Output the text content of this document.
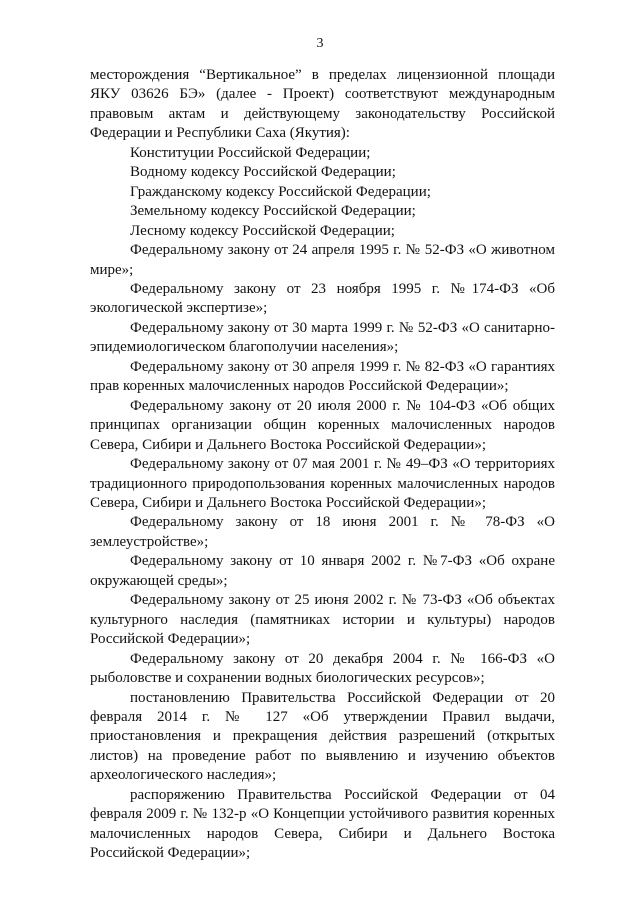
3

месторождения “Вертикальное” в пределах лицензионной площади ЯКУ 03626 БЭ» (далее - Проект) соответствуют международным правовым актам и действующему законодательству Российской Федерации и Республики Саха (Якутия):

Конституции Российской Федерации;

Водному кодексу Российской Федерации;

Гражданскому кодексу Российской Федерации;

Земельному кодексу Российской Федерации;

Лесному кодексу Российской Федерации;

Федеральному закону от 24 апреля 1995 г. № 52-ФЗ «О животном мире»;

Федеральному закону от 23 ноября 1995 г. №174-ФЗ «Об экологической экспертизе»;

Федеральному закону от 30 марта 1999 г. № 52-ФЗ «О санитарно-эпидемиологическом благополучии населения»;

Федеральному закону от 30 апреля 1999 г. № 82-ФЗ «О гарантиях прав коренных малочисленных народов Российской Федерации»;

Федеральному закону от 20 июля 2000 г. № 104-ФЗ «Об общих принципах организации общин коренных малочисленных народов Севера, Сибири и Дальнего Востока Российской Федерации»;

Федеральному закону от 07 мая 2001 г. № 49–ФЗ «О территориях традиционного природопользования коренных малочисленных народов Севера, Сибири и Дальнего Востока Российской Федерации»;

Федеральному закону от 18 июня 2001 г. № 78-ФЗ «О землеустройстве»;

Федеральному закону от 10 января 2002 г. №7-ФЗ «Об охране окружающей среды»;

Федеральному закону от 25 июня 2002 г. № 73-ФЗ «Об объектах культурного наследия (памятниках истории и культуры) народов Российской Федерации»;

Федеральному закону от 20 декабря 2004 г. № 166-ФЗ «О рыболовстве и сохранении водных биологических ресурсов»;

постановлению Правительства Российской Федерации от 20 февраля 2014 г. № 127 «Об утверждении Правил выдачи, приостановления и прекращения действия разрешений (открытых листов) на проведение работ по выявлению и изучению объектов археологического наследия»;

распоряжению Правительства Российской Федерации от 04 февраля 2009 г. № 132-р «О Концепции устойчивого развития коренных малочисленных народов Севера, Сибири и Дальнего Востока Российской Федерации»;
